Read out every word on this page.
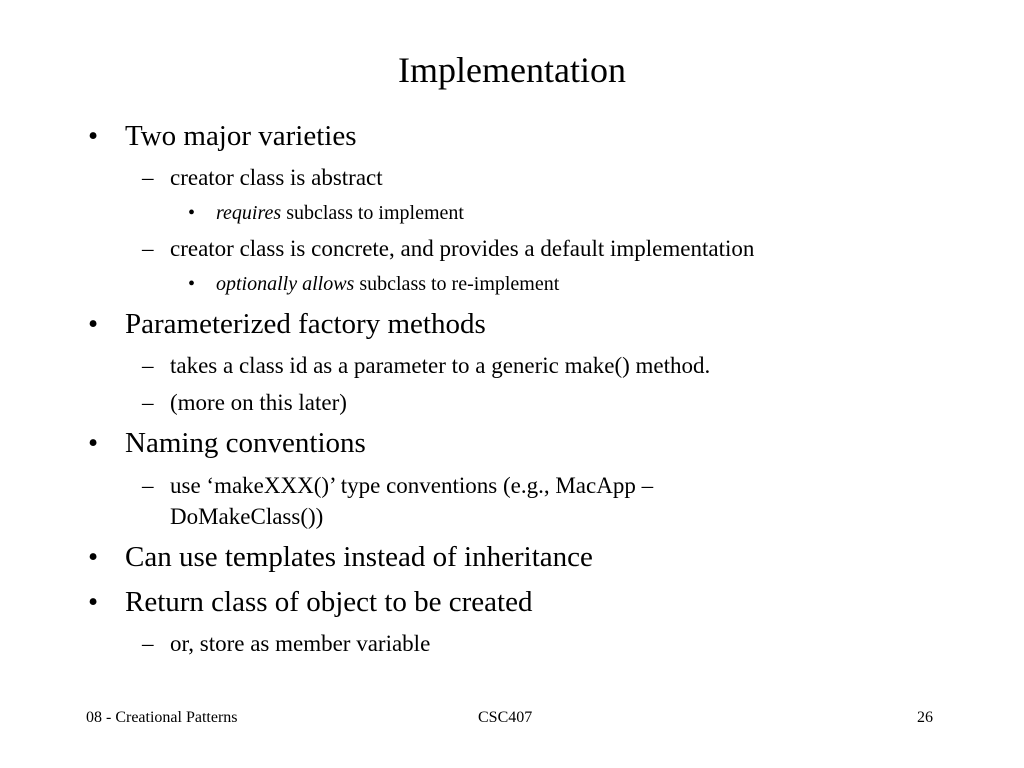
Implementation
• Two major varieties
– creator class is abstract
• requires subclass to implement
– creator class is concrete, and provides a default implementation
• optionally allows subclass to re-implement
• Parameterized factory methods
– takes a class id as a parameter to a generic make() method.
– (more on this later)
• Naming conventions
– use ‘makeXXX()’ type conventions (e.g., MacApp –
DoMakeClass())
• Can use templates instead of inheritance
• Return class of object to be created
– or, store as member variable
08 - Creational Patterns	CSC407	26
